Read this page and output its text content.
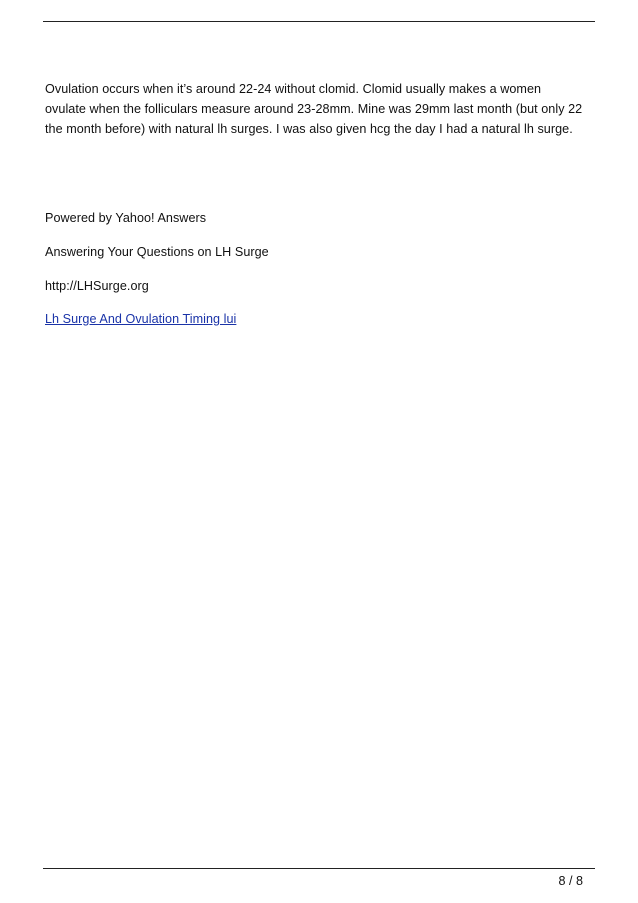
Ovulation occurs when it’s around 22-24 without clomid. Clomid usually makes a women
ovulate when the folliculars measure around 23-28mm. Mine was 29mm last month (but only 22
the month before) with natural lh surges. I was also given hcg the day I had a natural lh surge.
Powered by Yahoo! Answers
Answering Your Questions on LH Surge
http://LHSurge.org
Lh Surge And Ovulation Timing lui
8 / 8
